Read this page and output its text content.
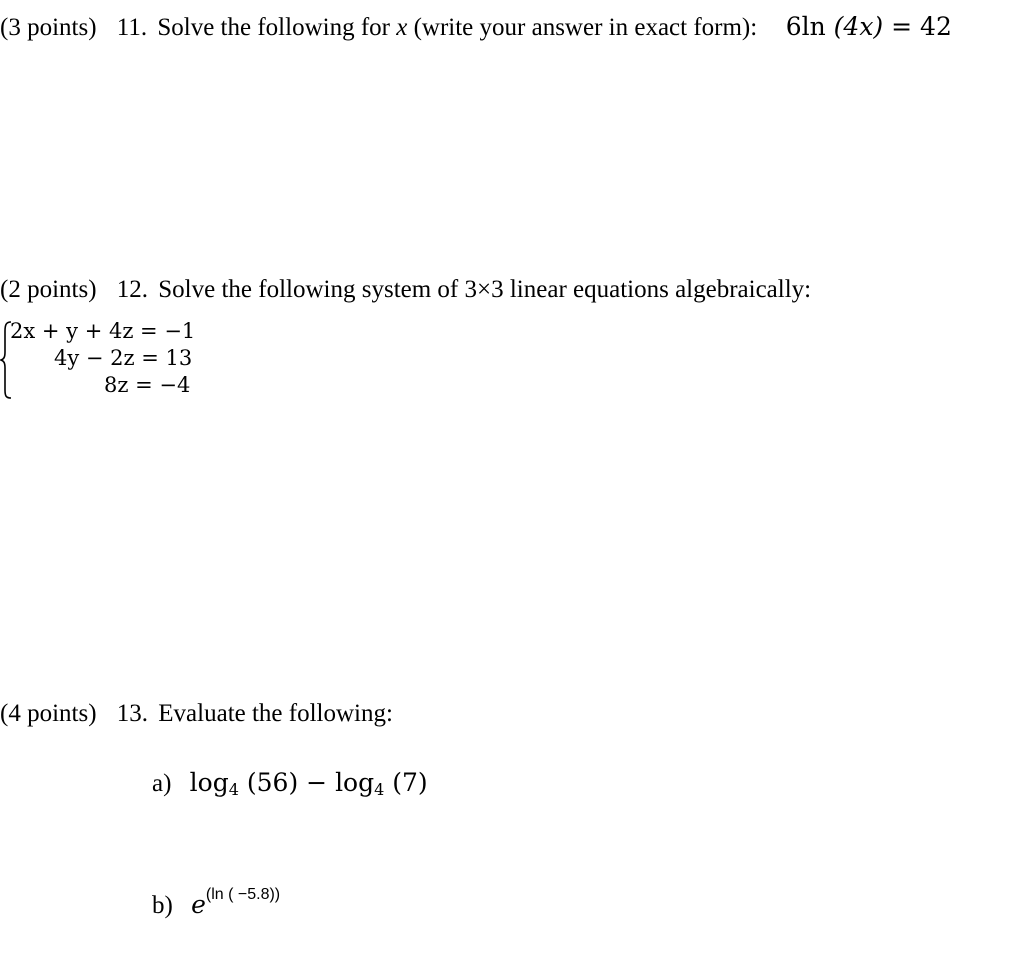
(3 points) 11. Solve the following for x (write your answer in exact form): 6ln (4x) = 42
(2 points) 12. Solve the following system of 3×3 linear equations algebraically:
2x + y + 4z = −1
4y − 2z = 13
8z = −4
(4 points) 13. Evaluate the following:
a) $\log_4 (56) - \log_4 (7)$
b) $e^{(ln ( -5.8))}$
